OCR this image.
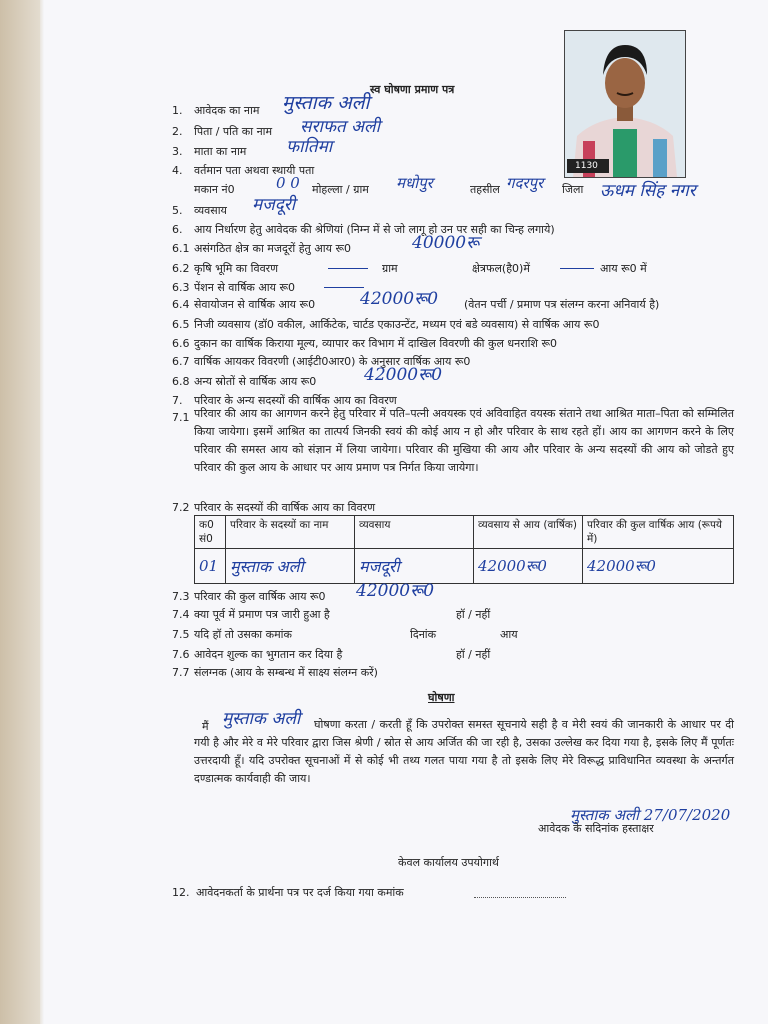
1130
स्व घोषणा प्रमाण पत्र
1. आवेदक का नाम मुस्ताक अली
2. पिता / पति का नाम सराफत अली
3. माता का नाम फातिमा
4. वर्तमान पता अथवा स्थायी पता
मकान नं0	0 0 मोहल्ला / ग्राम मधोपुर	तहसील गदरपुर जिला ऊधम सिंह नगर
5. व्यवसाय मजदूरी
6. आय निर्धारण हेतु आवेदक की श्रेणियां (निम्न में से जो लागू हो उन पर सही का चिन्ह लगाये)
6.1 असंगठित क्षेत्र का मजदूरों हेतु आय रू0	40000रू
6.2 कृषि भूमि का विवरण	ग्राम	क्षेत्रफल(है0)में	आय रू0 में
6.3 पेंशन से वार्षिक आय रू0
6.4 सेवायोजन से वार्षिक आय रू0	42000रू0 (वेतन पर्ची / प्रमाण पत्र संलग्न करना अनिवार्य है)
6.5 निजी व्यवसाय (डॉ0 वकील, आर्किटेक, चार्टड एकाउन्टेंट, मध्यम एवं बडे व्यवसाय) से वार्षिक आय रू0
6.6 दुकान का वार्षिक किराया मूल्य, व्यापार कर विभाग में दाखिल विवरणी की कुल धनराशि रू0
6.7 वार्षिक आयकर विवरणी (आईटी0आर0) के अनुसार वार्षिक आय रू0
6.8 अन्य स्रोतों से वार्षिक आय रू0	42000रू0
7. परिवार के अन्य सदस्यों की वार्षिक आय का विवरण
7.1 परिवार की आय का आगणन करने हेतु परिवार में पति–पत्नी अवयस्क एवं अविवाहित वयस्क संताने तथा आश्रित माता–पिता को सम्मिलित किया जायेगा। इसमें आश्रित का तात्पर्य जिनकी स्वयं की कोई आय न हो और परिवार के साथ रहते हों। आय का आगणन करने के लिए परिवार की समस्त आय को संज्ञान में लिया जायेगा। परिवार की मुखिया की आय और परिवार के अन्य सदस्यों की आय को जोडते हुए परिवार की कुल आय के आधार पर आय प्रमाण पत्र निर्गत किया जायेगा।
7.2 परिवार के सदस्यों की वार्षिक आय का विवरण
क0 सं0	परिवार के सदस्यों का नाम	व्यवसाय	व्यवसाय से आय (वार्षिक)	परिवार की कुल वार्षिक आय (रूपये में)
01	मुस्ताक अली	मजदूरी	42000रू0	42000रू0
7.3 परिवार की कुल वार्षिक आय रू0 42000रू0
7.4 क्या पूर्व में प्रमाण पत्र जारी हुआ है	हॉ / नहीं
7.5 यदि हॉ तो उसका कमांक	दिनांक	आय
7.6 आवेदन शुल्क का भुगतान कर दिया है	हॉ / नहीं
7.7 संलग्नक (आय के सम्बन्ध में साक्ष्य संलग्न करें)
घोषणा
मैं मुस्ताक अली	घोषणा करता / करती हूँ कि उपरोक्त समस्त सूचनाये सही है व मेरी स्वयं की जानकारी के आधार पर दी गयी है और मेरे व मेरे परिवार द्वारा जिस श्रेणी / स्रोत से आय अर्जित की जा रही है, उसका उल्लेख कर दिया गया है, इसके लिए मैं पूर्णतः उत्तरदायी हूँ। यदि उपरोक्त सूचनाओं में से कोई भी तथ्य गलत पाया गया है तो इसके लिए मेरे विरूद्ध प्राविधानित व्यवस्था के अन्तर्गत दण्डात्मक कार्यवाही की जाय।
मुस्ताक अली 27/07/2020
आवेदक के सदिनांक हस्ताक्षर
केवल कार्यालय उपयोगार्थ
12. आवेदनकर्ता के प्रार्थना पत्र पर दर्ज किया गया कमांक
